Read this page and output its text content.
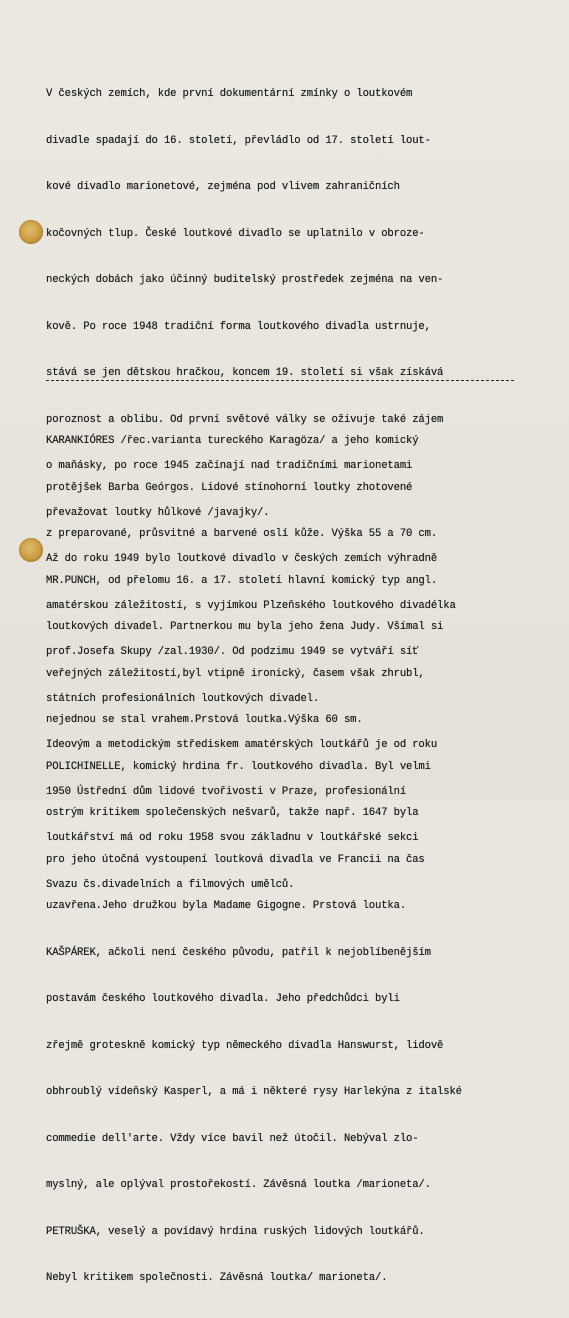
V českých zemích, kde první dokumentární zmínky o loutkovém

divadle spadají do 16. století, převládlo od 17. století lout-

kové divadlo marionetové, zejména pod vlivem zahraničních

kočovných tlup. České loutkové divadlo se uplatnilo v obroze-

neckých dobách jako účinný buditelský prostředek zejména na ven-

kově. Po roce 1948 tradiční forma loutkového divadla ustrnuje,

stává se jen dětskou hračkou, koncem 19. století si však získává

poroznost a oblibu. Od první světové války se oživuje také zájem

o maňásky, po roce 1945 začínají nad tradičními marionetami

převažovat loutky hůlkové /javajky/.

Až do roku 1949 bylo loutkové divadlo v českých zemích výhradně

amatérskou záležitostí, s vyjímkou Plzeňského loutkového divadélka

prof.Josefa Skupy /zal.1930/. Od podzimu 1949 se vytváří síť

státních profesionálních loutkových divadel.

Ideovým a metodickým střediskem amatérských loutkářů je od roku

1950 Ústřední dům lidové tvořivosti v Praze, profesionální

loutkářství má od roku 1958 svou základnu v loutkářské sekci

Svazu čs.divadelních a filmových umělců.

KARANKIÓRES /řec.varianta tureckého Karagöza/ a jeho komický

protějšek Barba Geórgos. Lidové stínohorní loutky zhotovené

z preparované, průsvitné a barvené oslí kůže. Výška 55 a 70 cm.

MR.PUNCH, od přelomu 16. a 17. století hlavní komický typ angl.

loutkových divadel. Partnerkou mu byla jeho žena Judy. Všímal si

veřejných záležitostí,byl vtipně ironický, časem však zhrubl,

nejednou se stal vrahem.Prstová loutka.Výška 60 sm.

POLICHINELLE, komický hrdina fr. loutkového divadla. Byl velmi

ostrým kritikem společenských nešvarů, takže např. 1647 byla

pro jeho útočná vystoupení loutková divadla ve Francii na čas

uzavřena.Jeho družkou byla Madame Gigogne. Prstová loutka.

KAŠPÁREK, ačkoli není českého původu, patřil k nejoblíbenějším

postavám českého loutkového divadla. Jeho předchůdci byli

zřejmě groteskně komický typ německého divadla Hanswurst, lidově

obhroublý vídeňský Kasperl, a má i některé rysy Harlekýna z italské

commedie dell'arte. Vždy více bavil než útočil. Nebýval zlo-

myslný, ale oplýval prostořekostí. Závěsná loutka /marioneta/.

PETRUŠKA, veselý a povídavý hrdina ruských lidových loutkářů.

Nebyl kritikem společnosti. Závěsná loutka/ marioneta/.
